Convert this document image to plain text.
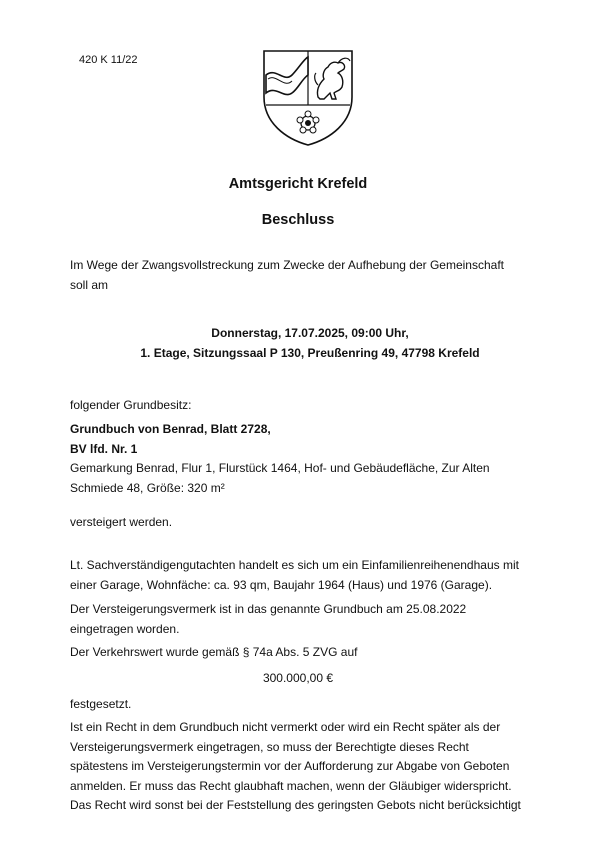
420 K 11/22
Amtsgericht Krefeld
Beschluss
Im Wege der Zwangsvollstreckung zum Zwecke der Aufhebung der Gemeinschaft
soll am
Donnerstag, 17.07.2025, 09:00 Uhr,
1. Etage, Sitzungssaal P 130, Preußenring 49, 47798 Krefeld
folgender Grundbesitz:
Grundbuch von Benrad, Blatt 2728,
BV lfd. Nr. 1
Gemarkung Benrad, Flur 1, Flurstück 1464, Hof- und Gebäudefläche, Zur Alten
Schmiede 48, Größe: 320 m²
versteigert werden.
Lt. Sachverständigengutachten handelt es sich um ein Einfamilienreihenendhaus mit
einer Garage, Wohnfäche: ca. 93 qm, Baujahr 1964 (Haus) und 1976 (Garage).
Der Versteigerungsvermerk ist in das genannte Grundbuch am 25.08.2022
eingetragen worden.
Der Verkehrswert wurde gemäß § 74a Abs. 5 ZVG auf
300.000,00 €
festgesetzt.
Ist ein Recht in dem Grundbuch nicht vermerkt oder wird ein Recht später als der
Versteigerungsvermerk eingetragen, so muss der Berechtigte dieses Recht
spätestens im Versteigerungstermin vor der Aufforderung zur Abgabe von Geboten
anmelden. Er muss das Recht glaubhaft machen, wenn der Gläubiger widerspricht.
Das Recht wird sonst bei der Feststellung des geringsten Gebots nicht berücksichtigt
